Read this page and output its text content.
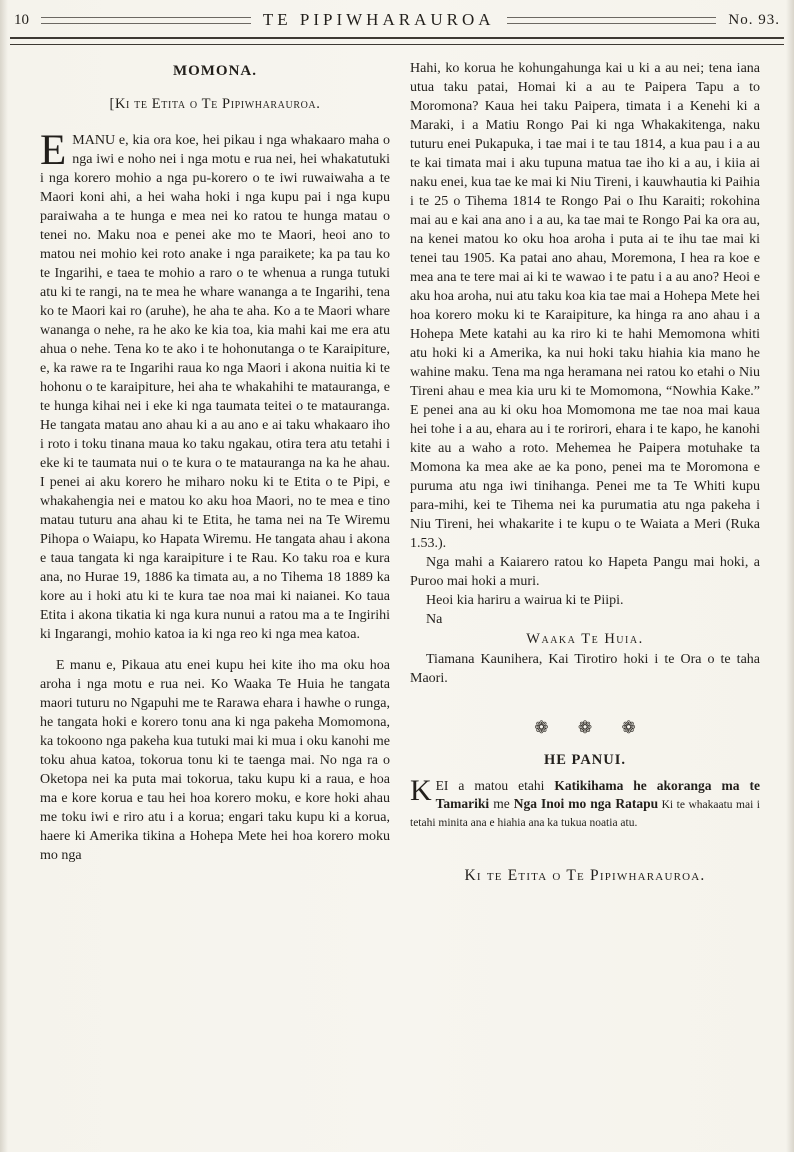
10	TE PIPIWHARAUROA	No. 93.
MOMONA.

[Ki te Etita o Te Pipiwharauroa.

EMANU e, kia ora koe, hei pikau i nga whakaaro maha o nga iwi e noho nei i nga motu e rua nei, hei whakatutuki i nga korero mohio a nga pu-korero o te iwi ruwaiwaha a te Maori koni ahi, a hei waha hoki i nga kupu pai i nga kupu paraiwaha a te hunga e mea nei ko ratou te hunga matau o tenei no. Maku noa e penei ake mo te Maori, heoi ano to matou nei mohio kei roto anake i nga paraikete; ka pa tau ko te Ingarihi, e taea te mohio a raro o te whenua a runga tutuki atu ki te rangi, na te mea he whare wananga a te Ingarihi, tena ko te Maori kai ro (aruhe), he aha te aha. Ko a te Maori whare wananga o nehe, ra he ako ke kia toa, kia mahi kai me era atu ahua o nehe. Tena ko te ako i te hohonutanga o te Karaipiture, e, ka rawe ra te Ingarihi raua ko nga Maori i akona nuitia ki te hohonu o te karaipiture, hei aha te whakahihi te matauranga, e te hunga kihai nei i eke ki nga taumata teitei o te matauranga. He tangata matau ano ahau ki a au ano e ai taku whakaaro iho i roto i toku tinana maua ko taku ngakau, otira tera atu tetahi i eke ki te taumata nui o te kura o te matauranga na ka he ahau. I penei ai aku korero he miharo noku ki te Etita o te Pipi, e whakahengia nei e matou ko aku hoa Maori, no te mea e tino matau tuturu ana ahau ki te Etita, he tama nei na Te Wiremu Pihopa o Waiapu, ko Hapata Wiremu. He tangata ahau i akona e taua tangata ki nga karaipiture i te Rau. Ko taku roa e kura ana, no Hurae 19, 1886 ka timata au, a no Tihema 18 1889 ka kore au i hoki atu ki te kura tae noa mai ki naianei. Ko taua Etita i akona tikatia ki nga kura nunui a ratou ma a te Ingirihi ki Ingarangi, mohio katoa ia ki nga reo ki nga mea katoa.

E manu e, Pikaua atu enei kupu hei kite iho ma oku hoa aroha i nga motu e rua nei. Ko Waaka Te Huia he tangata maori tuturu no Ngapuhi me te Rarawa ehara i hawhe o runga, he tangata hoki e korero tonu ana ki nga pakeha Momomona, ka tokoono nga pakeha kua tutuki mai ki mua i oku kanohi me toku ahua katoa, tokorua tonu ki te taenga mai. No nga ra o Oketopa nei ka puta mai tokorua, taku kupu ki a raua, e hoa ma e kore korua e tau hei hoa korero moku, e kore hoki ahau me toku iwi e riro atu i a korua; engari taku kupu ki a korua, haere ki Amerika tikina a Hohepa Mete hei hoa korero moku mo nga

Hahi, ko korua he kohungahunga kai u ki a au nei; tena iana utua taku patai, Homai ki a au te Paipera Tapu a to Moromona? Kaua hei taku Paipera, timata i a Kenehi ki a Maraki, i a Matiu Rongo Pai ki nga Whakakitenga, naku tuturu enei Pukapuka, i tae mai i te tau 1814, a kua pau i a au te kai timata mai i aku tupuna matua tae iho ki a au, i kiia ai naku enei, kua tae ke mai ki Niu Tireni, i kauwhautia ki Paihia i te 25 o Tihema 1814 te Rongo Pai o Ihu Karaiti; rokohina mai au e kai ana ano i a au, ka tae mai te Rongo Pai ka ora au, na kenei matou ko oku hoa aroha i puta ai te ihu tae mai ki tenei tau 1905. Ka patai ano ahau, Moremona, I hea ra koe e mea ana te tere mai ai ki te wawao i te patu i a au ano? Heoi e aku hoa aroha, nui atu taku koa kia tae mai a Hohepa Mete hei hoa korero moku ki te Karaipiture, ka hinga ra ano ahau i a Hohepa Mete katahi au ka riro ki te hahi Memomona whiti atu hoki ki a Amerika, ka nui hoki taku hiahia kia mano he wahine maku. Tena ma nga heramana nei ratou ko etahi o Niu Tireni ahau e mea kia uru ki te Momomona, “Nowhia Kake.” E penei ana au ki oku hoa Momomona me tae noa mai kaua hei tohe i a au, ehara au i te rorirori, ehara i te kapo, he kanohi kite au a waho a roto. Mehemea he Paipera motuhake ta Momona ka mea ake ae ka pono, penei ma te Moromona e puruma atu nga iwi tinihanga. Penei me ta Te Whiti kupu para-mihi, kei te Tihema nei ka purumatia atu nga pakeha i Niu Tireni, hei whakarite i te kupu o te Waiata a Meri (Ruka 1.53.).

Nga mahi a Kaiarero ratou ko Hapeta Pangu mai hoki, a Puroo mai hoki a muri.

Heoi kia hariru a wairua ki te Piipi.

Na

Waaka Te Huia.

Tiamana Kaunihera, Kai Tirotiro hoki i te Ora o te taha Maori.

❁ ❁ ❁
HE PANUI.

KEI a matou etahi Katikihama he akoranga ma te Tamariki me Nga Inoi mo nga Ratapu Ki te whakaatu mai i tetahi minita ana e hiahia ana ka tukua noatia atu.

Ki te Etita o Te Pipiwharauroa.
